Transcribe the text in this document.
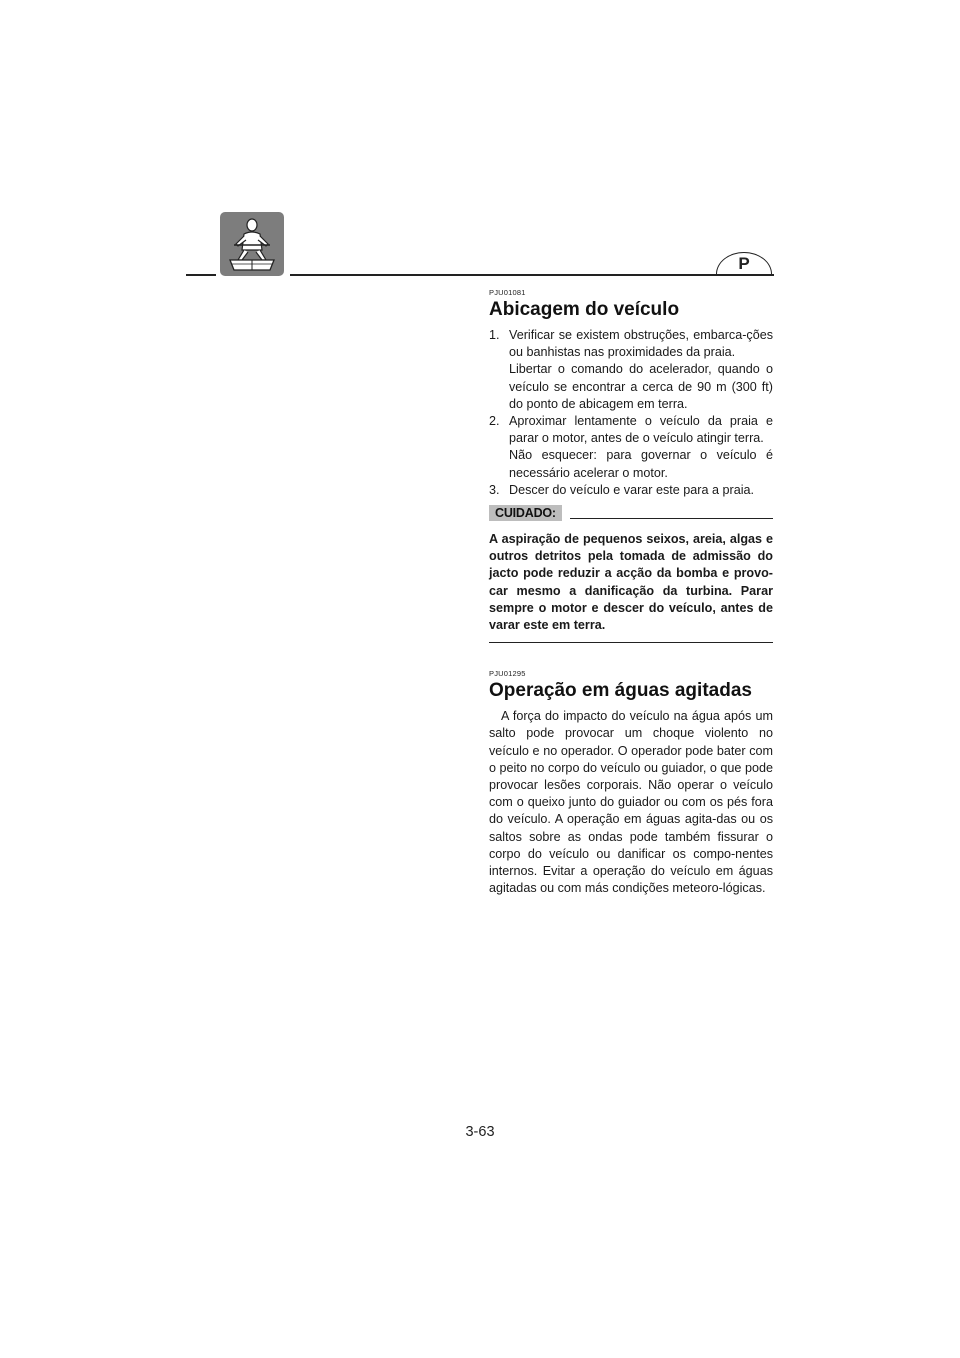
P
PJU01081
Abicagem do veículo
1. Verificar se existem obstruções, embarca-ções ou banhistas nas proximidades da praia.

Libertar o comando do acelerador, quando o veículo se encontrar a cerca de 90 m (300 ft) do ponto de abicagem em terra.

2. Aproximar lentamente o veículo da praia e parar o motor, antes de o veículo atingir terra.

Não esquecer: para governar o veículo é necessário acelerar o motor.

3. Descer do veículo e varar este para a praia.

CUIDADO:

A aspiração de pequenos seixos, areia, algas e outros detritos pela tomada de admissão do jacto pode reduzir a acção da bomba e provo-car mesmo a danificação da turbina. Parar sempre o motor e descer do veículo, antes de varar este em terra.

PJU01295
Operação em águas agitadas

A força do impacto do veículo na água após um salto pode provocar um choque violento no veículo e no operador. O operador pode bater com o peito no corpo do veículo ou guiador, o que pode provocar lesões corporais. Não operar o veículo com o queixo junto do guiador ou com os pés fora do veículo. A operação em águas agita-das ou os saltos sobre as ondas pode também fissurar o corpo do veículo ou danificar os compo-nentes internos. Evitar a operação do veículo em águas agitadas ou com más condições meteoro-lógicas.

3-63
